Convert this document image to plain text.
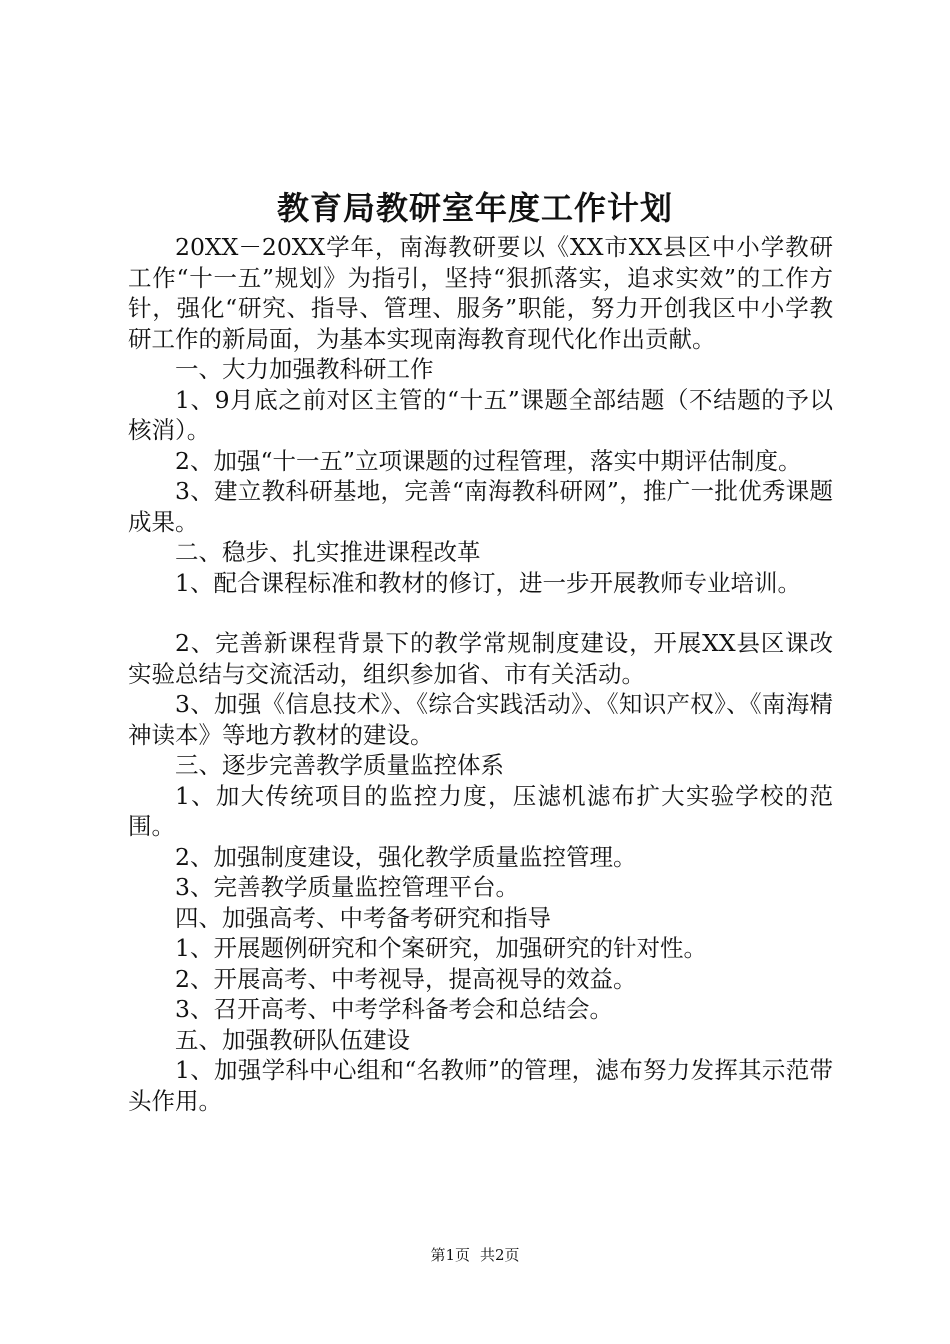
教育局教研室年度工作计划

20XX－20XX学年，南海教研要以《XX市XX县区中小学教研工作“十一五”规划》为指引，坚持“狠抓落实，追求实效”的工作方针，强化“研究、指导、管理、服务”职能，努力开创我区中小学教研工作的新局面，为基本实现南海教育现代化作出贡献。

一、大力加强教科研工作

1、9月底之前对区主管的“十五”课题全部结题（不结题的予以核消）。

2、加强“十一五”立项课题的过程管理，落实中期评估制度。

3、建立教科研基地，完善“南海教科研网”，推广一批优秀课题成果。

二、稳步、扎实推进课程改革

1、配合课程标准和教材的修订，进一步开展教师专业培训。

2、完善新课程背景下的教学常规制度建设，开展XX县区课改实验总结与交流活动，组织参加省、市有关活动。

3、加强《信息技术》、《综合实践活动》、《知识产权》、《南海精神读本》等地方教材的建设。

三、逐步完善教学质量监控体系

1、加大传统项目的监控力度，压滤机滤布扩大实验学校的范围。

2、加强制度建设，强化教学质量监控管理。

3、完善教学质量监控管理平台。

四、加强高考、中考备考研究和指导

1、开展题例研究和个案研究，加强研究的针对性。

2、开展高考、中考视导，提高视导的效益。

3、召开高考、中考学科备考会和总结会。

五、加强教研队伍建设

1、加强学科中心组和“名教师”的管理，滤布努力发挥其示范带头作用。

第1页 共2页
